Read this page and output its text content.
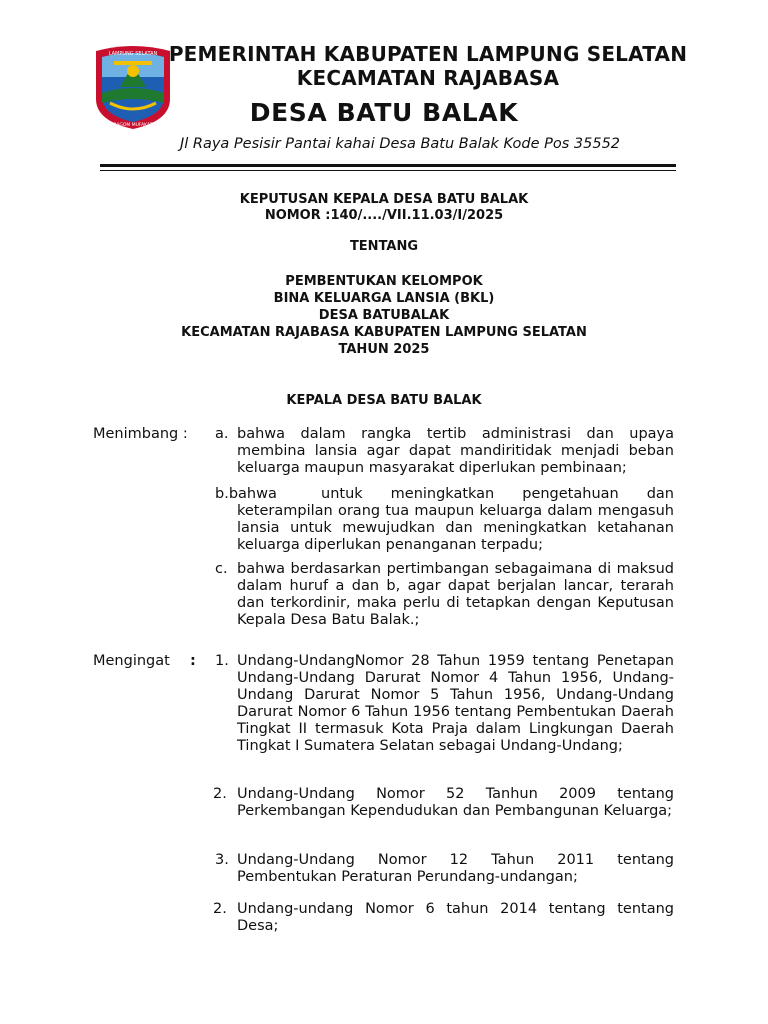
LAMPUNG SELATAN
RAGOM MUFAKAT
PEMERINTAH KABUPATEN LAMPUNG SELATAN
KECAMATAN RAJABASA
DESA BATU BALAK
Jl Raya Pesisir Pantai kahai Desa Batu Balak Kode Pos 35552
KEPUTUSAN KEPALA DESA BATU BALAK
NOMOR :140/..../VII.11.03/I/2025
TENTANG
PEMBENTUKAN KELOMPOK
BINA KELUARGA LANSIA (BKL)
DESA BATUBALAK
KECAMATAN RAJABASA KABUPATEN LAMPUNG SELATAN
TAHUN 2025
KEPALA DESA BATU BALAK
Menimbang : a. bahwa dalam rangka tertib administrasi dan upaya membina lansia agar dapat mandiritidak menjadi beban keluarga maupun masyarakat diperlukan pembinaan;
b.bahwa	untuk meningkatkan pengetahuan dan keterampilan orang tua maupun keluarga dalam mengasuh lansia untuk mewujudkan dan meningkatkan ketahanan keluarga diperlukan penanganan terpadu;
c. bahwa berdasarkan pertimbangan sebagaimana di maksud dalam huruf a dan b, agar dapat berjalan lancar, terarah dan terkordinir, maka perlu di tetapkan dengan Keputusan Kepala Desa Batu Balak.;
Mengingat : 1. Undang-UndangNomor 28 Tahun 1959 tentang Penetapan Undang-Undang Darurat Nomor 4 Tahun 1956, Undang-Undang Darurat Nomor 5 Tahun 1956, Undang-Undang Darurat Nomor 6 Tahun 1956 tentang Pembentukan Daerah Tingkat II termasuk Kota Praja dalam Lingkungan Daerah Tingkat I Sumatera Selatan sebagai Undang-Undang;
2. Undang-Undang Nomor 52 Tanhun 2009 tentang Perkembangan Kependudukan dan Pembangunan Keluarga;
3. Undang-Undang Nomor 12 Tahun 2011 tentang Pembentukan Peraturan Perundang-undangan;
2. Undang-undang Nomor 6 tahun 2014 tentang tentang Desa;
